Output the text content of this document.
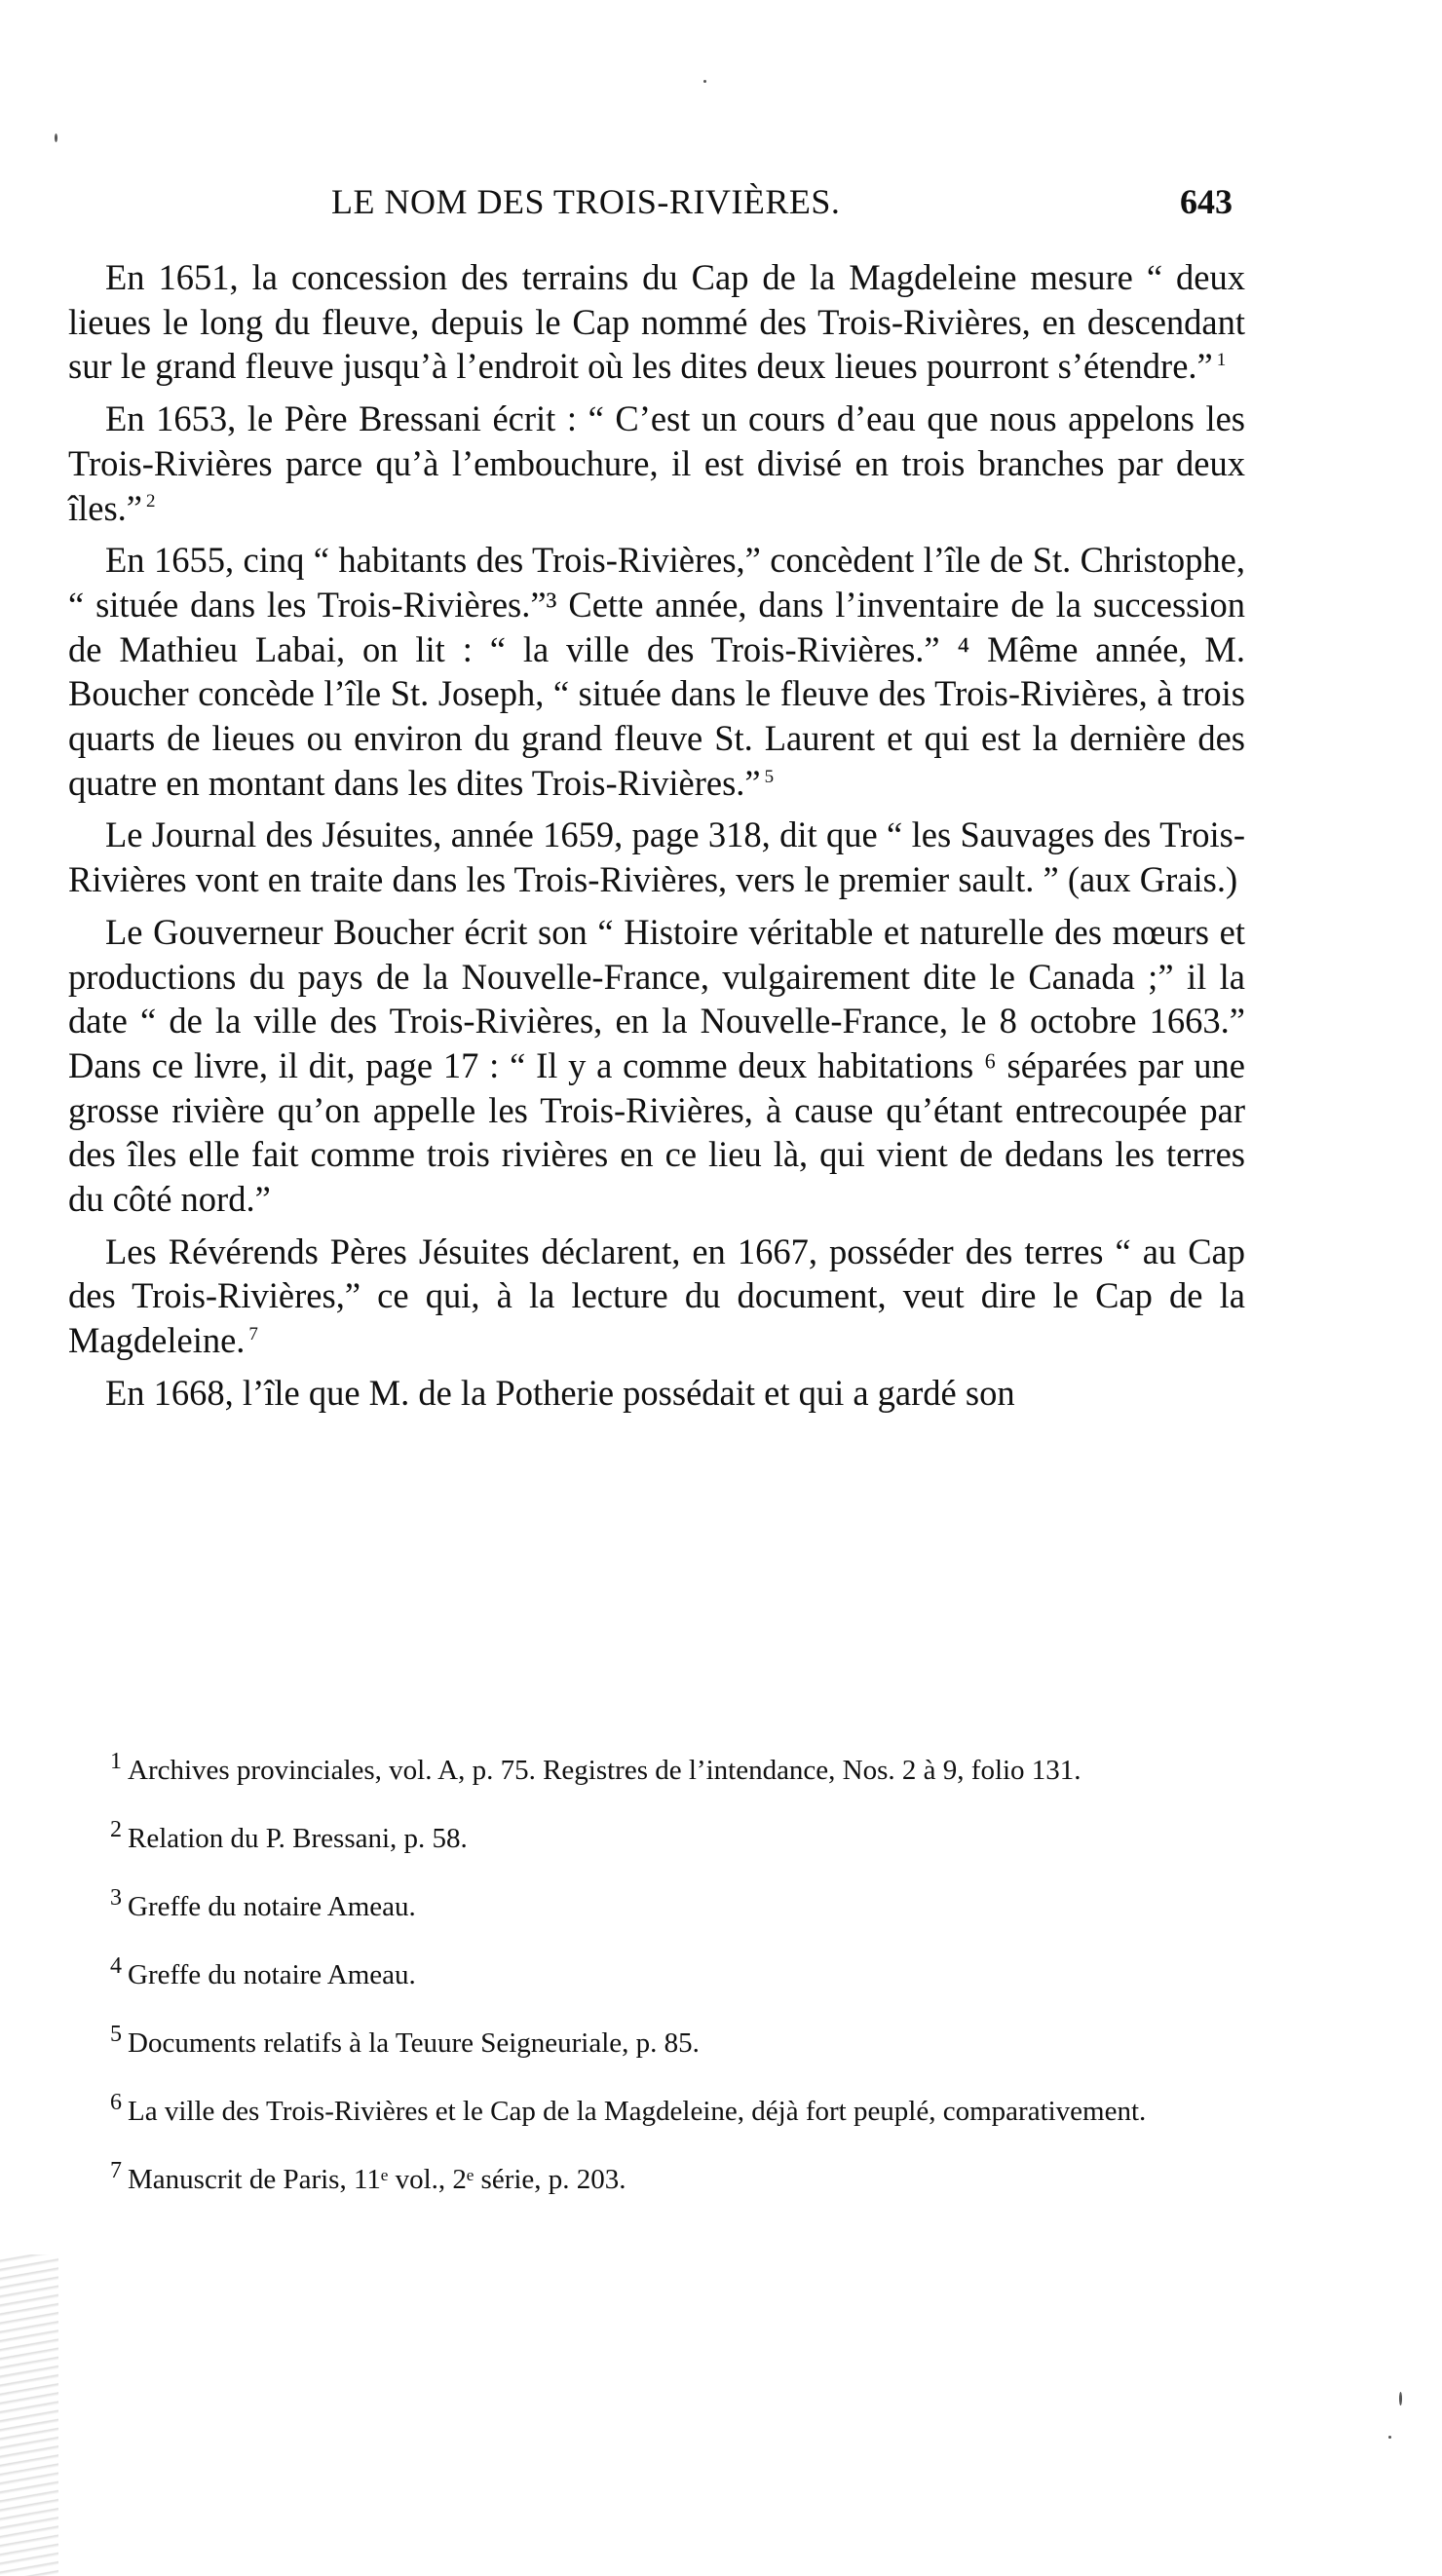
LE NOM DES TROIS-RIVIÈRES.	643

En 1651, la concession des terrains du Cap de la Magdeleine mesure “ deux lieues le long du fleuve, depuis le Cap nommé des Trois-Rivières, en descendant sur le grand fleuve jusqu’à l’endroit où les dites deux lieues pourront s’étendre.” $^1$

En 1653, le Père Bressani écrit : “ C’est un cours d’eau que nous appelons les Trois-Rivières parce qu’à l’embouchure, il est divisé en trois branches par deux îles.” $^2$

En 1655, cinq “ habitants des Trois-Rivières,” concèdent l’île de St. Christophe, “ située dans les Trois-Rivières.”³ Cette année, dans l’inventaire de la succession de Mathieu Labai, on lit : “ la ville des Trois-Rivières.” ⁴ Même année, M. Boucher concède l’île St. Joseph, “ située dans le fleuve des Trois-Rivières, à trois quarts de lieues ou environ du grand fleuve St. Laurent et qui est la dernière des quatre en montant dans les dites Trois-Rivières.” $^5$

Le Journal des Jésuites, année 1659, page 318, dit que “ les Sauvages des Trois-Rivières vont en traite dans les Trois-Rivières, vers le premier sault. ” (aux Grais.)

Le Gouverneur Boucher écrit son “ Histoire véritable et naturelle des mœurs et productions du pays de la Nouvelle-France, vulgairement dite le Canada ;” il la date “ de la ville des Trois-Rivières, en la Nouvelle-France, le 8 octobre 1663.” Dans ce livre, il dit, page 17 : “ Il y a comme deux habitations ⁶ séparées par une grosse rivière qu’on appelle les Trois-Rivières, à cause qu’étant entrecoupée par des îles elle fait comme trois rivières en ce lieu là, qui vient de dedans les terres du côté nord.”

Les Révérends Pères Jésuites déclarent, en 1667, posséder des terres “ au Cap des Trois-Rivières,” ce qui, à la lecture du document, veut dire le Cap de la Magdeleine. $^7$

En 1668, l’île que M. de la Potherie possédait et qui a gardé son

$^1$ Archives provinciales, vol. A, p. 75. Registres de l’intendance, Nos. 2 à 9, folio 131.
$^2$ Relation du P. Bressani, p. 58.
$^3$ Greffe du notaire Ameau.
$^4$ Greffe du notaire Ameau.
$^5$ Documents relatifs à la Teuure Seigneuriale, p. 85.
$^6$ La ville des Trois-Rivières et le Cap de la Magdeleine, déjà fort peuplé, comparativement.
$^7$ Manuscrit de Paris, 11ᵉ vol., 2ᵉ série, p. 203.
